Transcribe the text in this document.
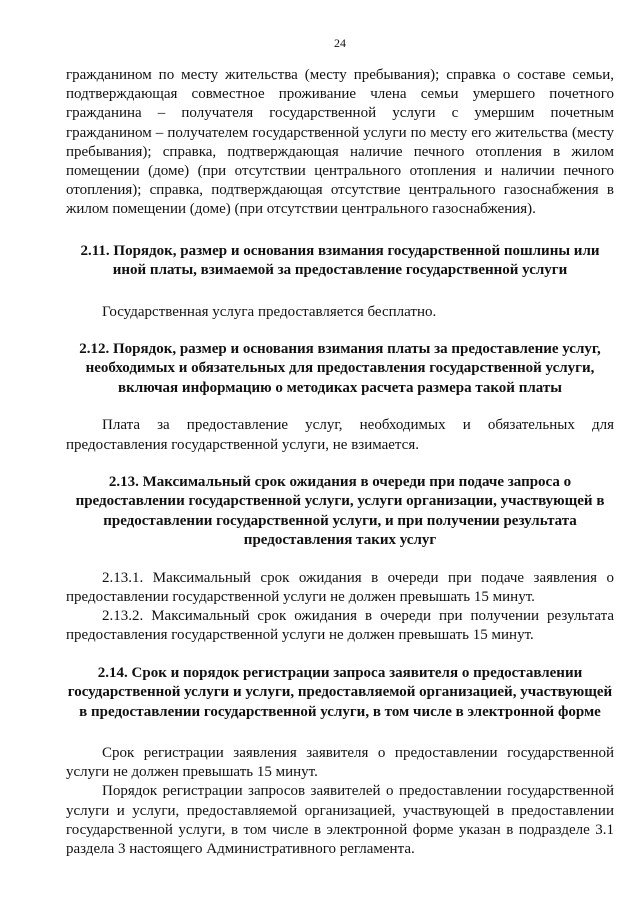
24

гражданином по месту жительства (месту пребывания); справка о составе семьи, подтверждающая совместное проживание члена семьи умершего почетного гражданина – получателя государственной услуги с умершим почетным гражданином – получателем государственной услуги по месту его жительства (месту пребывания); справка, подтверждающая наличие печного отопления в жилом помещении (доме) (при отсутствии центрального отопления и наличии печного отопления); справка, подтверждающая отсутствие центрального газоснабжения в жилом помещении (доме) (при отсутствии центрального газоснабжения).

2.11. Порядок, размер и основания взимания государственной пошлины или иной платы, взимаемой за предоставление государственной услуги

Государственная услуга предоставляется бесплатно.

2.12. Порядок, размер и основания взимания платы за предоставление услуг, необходимых и обязательных для предоставления государственной услуги, включая информацию о методиках расчета размера такой платы

Плата за предоставление услуг, необходимых и обязательных для предоставления государственной услуги, не взимается.

2.13. Максимальный срок ожидания в очереди при подаче запроса о предоставлении государственной услуги, услуги организации, участвующей в предоставлении государственной услуги, и при получении результата предоставления таких услуг

2.13.1. Максимальный срок ожидания в очереди при подаче заявления о предоставлении государственной услуги не должен превышать 15 минут.

2.13.2. Максимальный срок ожидания в очереди при получении результата предоставления государственной услуги не должен превышать 15 минут.

2.14. Срок и порядок регистрации запроса заявителя о предоставлении государственной услуги и услуги, предоставляемой организацией, участвующей в предоставлении государственной услуги, в том числе в электронной форме

Срок регистрации заявления заявителя о предоставлении государственной услуги не должен превышать 15 минут.

Порядок регистрации запросов заявителей о предоставлении государственной услуги и услуги, предоставляемой организацией, участвующей в предоставлении государственной услуги, в том числе в электронной форме указан в подразделе 3.1 раздела 3 настоящего Административного регламента.
